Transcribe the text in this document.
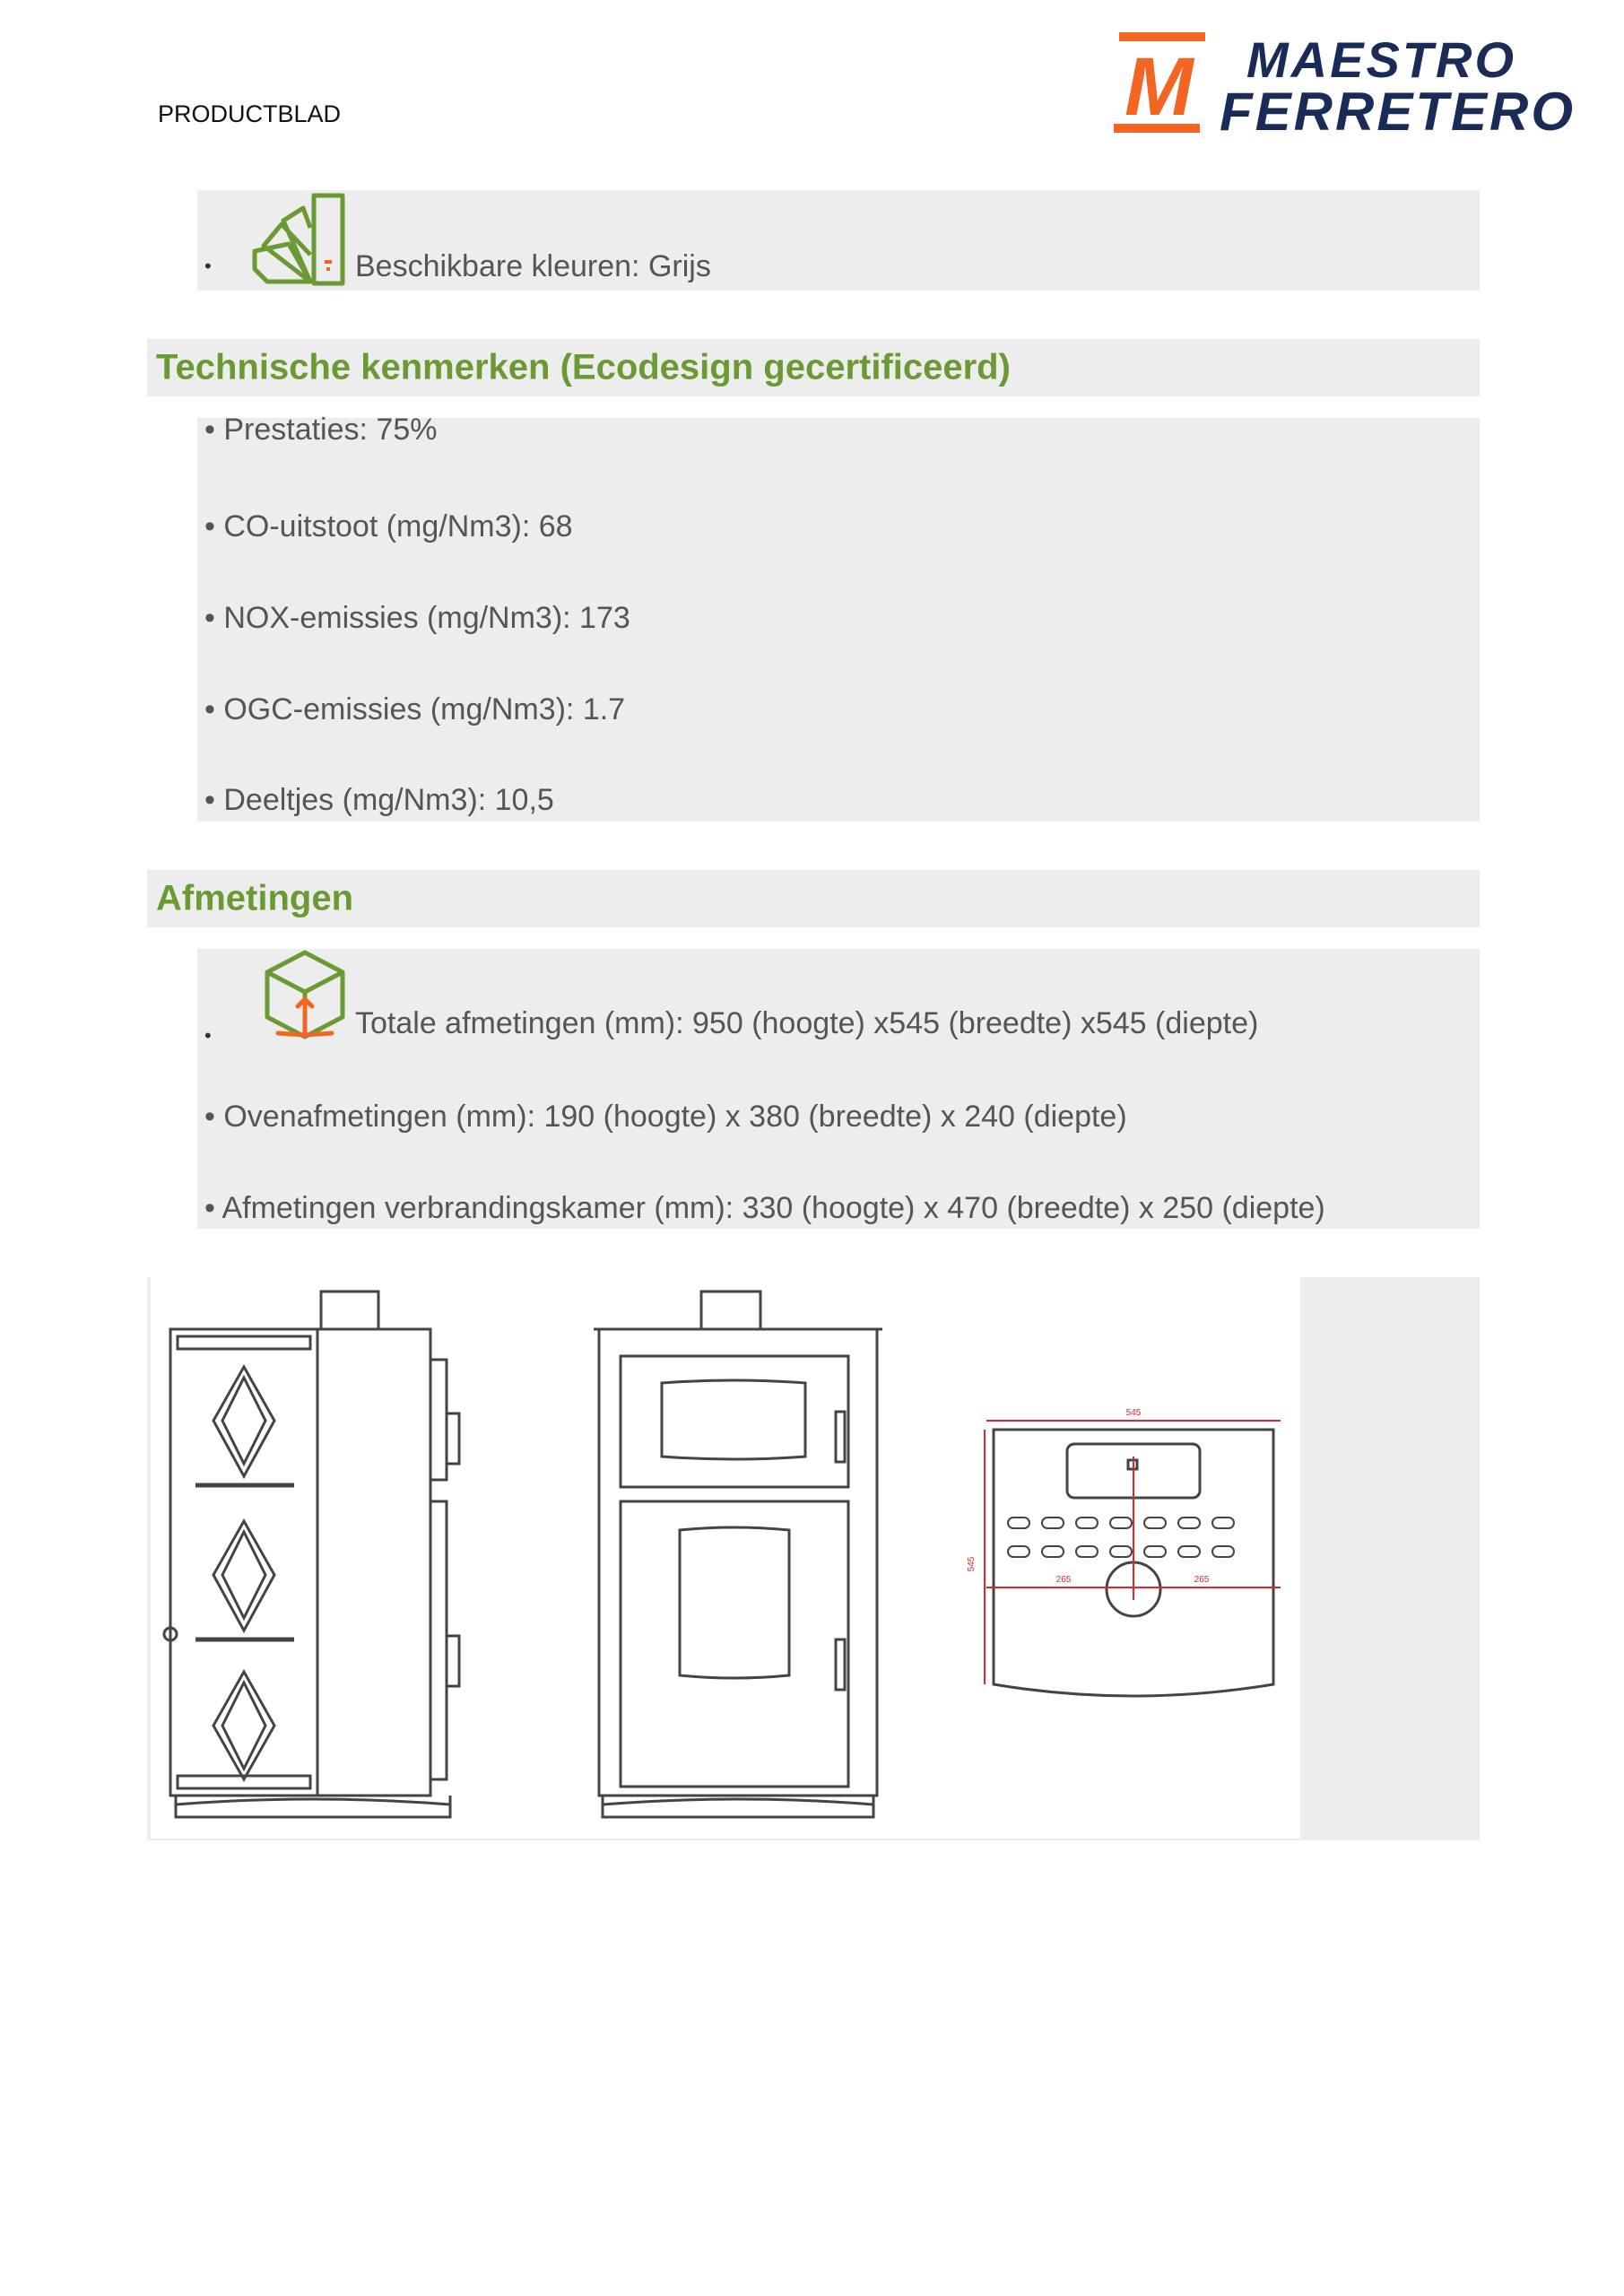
PRODUCTBLAD	M MAESTRO
FERRETERO
•	Beschikbare kleuren: Grijs
Technische kenmerken (Ecodesign gecertificeerd)
• Prestaties: 75%
• CO-uitstoot (mg/Nm3): 68
• NOX-emissies (mg/Nm3): 173
• OGC-emissies (mg/Nm3): 1.7
• Deeltjes (mg/Nm3): 10,5
Afmetingen
•	Totale afmetingen (mm): 950 (hoogte) x545 (breedte) x545 (diepte)
• Ovenafmetingen (mm): 190 (hoogte) x 380 (breedte) x 240 (diepte)
• Afmetingen verbrandingskamer (mm): 330 (hoogte) x 470 (breedte) x 250 (diepte)
545
545
265	265
